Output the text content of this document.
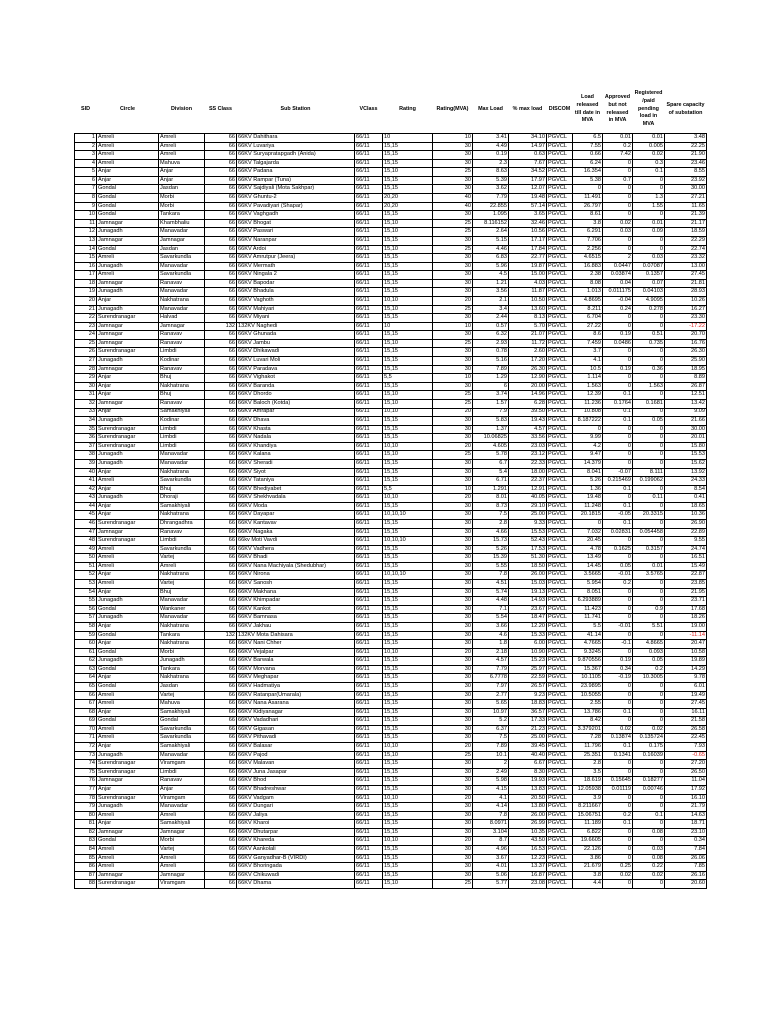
SID	Circle	Division	SS Class	Sub Station	VClass	Rating	Rating(MVA)	Max Load	% max load	DISCOM	Load released till date in MVA	Approved but not released in MVA	Registered /paid pending load in MVA	Spare capacity of substation
1	Amreli	Amreli	66	66KV Dahithara	66/11	10	10	3.41	34.10	PGVCL	6.5	0.01	0.01	3.48
2	Amreli	Amreli	66	66KV Luvariya	66/11	15,15	30	4.49	14.97	PGVCL	7.55	0.2	0.005	22.25
3	Amreli	Amreli	66	66KV Suryapratapgadh (Anida)	66/11	15,15	30	0.19	0.63	PGVCL	0.66	7.42	0.02	21.90
4	Amreli	Mahuva	66	66KV Talgajarda	66/11	15,15	30	2.3	7.67	PGVCL	6.24	0	0.3	23.46
5	Anjar	Anjar	66	66KV Padana	66/11	15,10	25	8.63	34.52	PGVCL	16.354	0	0.1	8.55
6	Anjar	Anjar	66	66KV Rampar (Tuna)	66/11	15,15	30	5.39	17.97	PGVCL	5.38	0.7	0	23.92
7	Gondal	Jasdan	66	66KV Sajdiyali (Mota Sakhpar)	66/11	15,15	30	3.62	12.07	PGVCL	0	0	0	30.00
8	Gondal	Morbi	66	66KV Ghuntu-2	66/11	20,20	40	7.79	19.48	PGVCL	11.491	0	1.3	27.21
9	Gondal	Morbi	66	66KV Pavadiyari (Shapar)	66/11	20,20	40	22.855	57.14	PGVCL	26.797	0	1.55	11.65
10	Gondal	Tankara	66	66KV Vaghgadh	66/11	15,15	30	1.095	3.65	PGVCL	8.61	0	0	21.39
11	Jamnagar	Khambhaliu	66	66KV Bhogat	66/11	15,10	25	8.116152	32.46	PGVCL	3.8	0.02	0.01	21.17
12	Junagadh	Manavadar	66	66KV Paswari	66/11	15,10	25	2.64	10.56	PGVCL	6.291	0.03	0.09	18.59
13	Jamnagar	Jamnagar	66	66KV Naranpar	66/11	15,15	30	5.15	17.17	PGVCL	7.706	0	0	22.29
14	Gondal	Jasdan	66	66KV Ardoi	66/11	15,10	25	4.46	17.84	PGVCL	2.256	0	0	22.74
15	Amreli	Savarkundla	66	66KV Amrutpur (Jeera)	66/11	15,15	30	6.83	22.77	PGVCL	4.6515	2	0.03	23.32
16	Junagadh	Manavadar	66	66KV Mermath	66/11	15,15	30	5.96	19.87	PGVCL	16.883	0.0447	0.07087	13.00
17	Amreli	Savarkundla	66	66KV Ningala 2	66/11	15,15	30	4.5	15.00	PGVCL	2.38	0.03874	0.1357	27.45
18	Jamnagar	Ranavav	66	66KV Bapodar	66/11	15,15	30	1.21	4.03	PGVCL	8.08	0.04	0.07	21.81
19	Junagadh	Manavadar	66	66KV Bhadula	66/11	15,15	30	3.56	11.87	PGVCL	1.013	0.011175	0.04103	28.93
20	Anjar	Nakhatrana	66	66KV Vaghoth	66/11	10,10	20	2.1	10.50	PGVCL	4.8695	-0.04	4.9095	10.26
21	Junagadh	Manavadar	66	66KV Mahiyari	66/11	15,10	25	3.4	13.60	PGVCL	8.211	0.24	0.278	16.27
22	Surendranagar	Halvad	66	66KV Miyani	66/11	15,15	30	2.44	8.13	PGVCL	6.704	0	0	23.30
23	Jamnagar	Jamnagar	132	132KV Naghedi	66/11	10	10	0.57	5.70	PGVCL	27.22	0	0	-17.22
24	Jamnagar	Ranavav	66	66KV Ghunada	66/11	15,15	30	6.32	21.07	PGVCL	8.6	0.19	0.51	20.70
25	Jamnagar	Ranavav	66	66KV Jambu	66/11	15,10	25	2.93	11.72	PGVCL	7.459	0.0486	0.735	16.76
26	Surendranagar	Limbdi	66	66KV Dhikawadi	66/11	15,15	30	0.78	2.60	PGVCL	3.7	0	0	26.30
27	Junagadh	Kodinar	66	66KV Luvari Moli	66/11	15,15	30	5.16	17.20	PGVCL	4.1	0	0	25.90
28	Jamnagar	Ranavav	66	66KV Paradava	66/11	15,15	30	7.89	26.30	PGVCL	10.5	0.19	0.36	18.95
29	Anjar	Bhuj	66	66KV Vighakot	66/11	5,5	10	1.29	12.90	PGVCL	1.114	0	0	8.89
30	Anjar	Nakhatrana	66	66KV Baranda	66/11	15,15	30	6	20.00	PGVCL	1.563	0	1.563	26.87
31	Anjar	Bhuj	66	66KV Dhordo	66/11	15,10	25	3.74	14.96	PGVCL	12.39	0.1	0	12.51
32	Jamnagar	Ranavav	66	66KV Baloch (Kotda)	66/11	15,10	25	1.57	6.28	PGVCL	11.236	0.1764	0.1681	13.42
33	Anjar	Samakhiyali	66	66KV Amrapar	66/11	10,10	20	7.9	39.50	PGVCL	10.808	0.1	0	9.09
34	Junagadh	Kodinar	66	66KV Dhava	66/11	15,15	30	5.83	19.43	PGVCL	8.187222	0.1	0.05	21.66
35	Surendranagar	Limbdi	66	66KV Khasta	66/11	15,15	30	1.37	4.57	PGVCL	0	0	0	30.00
36	Surendranagar	Limbdi	66	66KV Nadala	66/11	15,15	30	10.06825	33.56	PGVCL	9.99	0	0	20.01
37	Surendranagar	Limbdi	66	66KV Khandiya	66/11	10,10	20	4.605	23.03	PGVCL	4.2	0	0	15.80
38	Junagadh	Manavadar	66	66KV Kalana	66/11	15,10	25	5.78	23.12	PGVCL	9.47	0	0	15.53
39	Junagadh	Manavadar	66	66KV Sheradi	66/11	15,15	30	6.7	22.33	PGVCL	14.379	0	0	15.62
40	Anjar	Nakhatrana	66	66KV Siyot	66/11	15,15	30	5.4	18.00	PGVCL	8.041	-0.07	8.111	13.92
41	Amreli	Savarkundla	66	66KV Tataniya	66/11	15,15	30	6.71	22.37	PGVCL	5.26	0.215469	0.199062	24.33
42	Anjar	Bhuj	66	66KV Bhediyabet	66/11	5,5	10	1.291	12.91	PGVCL	1.36	0.1	0	8.54
43	Junagadh	Dhoraji	66	66KV Shekhvadala	66/11	10,10	20	8.01	40.05	PGVCL	19.48	0	0.11	0.41
44	Anjar	Samakhiyali	66	66KV Moda	66/11	15,15	30	8.73	29.10	PGVCL	11.248	0.1	0	18.65
45	Anjar	Nakhatrana	66	66KV Dayapar	66/11	10,10,10	30	7.5	25.00	PGVCL	20.1815	-0.05	20.3315	10.36
46	Surendranagar	Dhrangadhra	66	66KV Kantavav	66/11	15,15	30	2.8	9.33	PGVCL	0	0.1	0	26.90
47	Jamnagar	Ranavav	66	66KV Nagaka	66/11	15,15	30	4.66	15.53	PGVCL	7.032	0.02831	0.054458	22.89
48	Surendranagar	Limbdi	66	66kv Moti Vavdi	66/11	10,10,10	30	15.73	52.43	PGVCL	20.45	0	0	9.55
49	Amreli	Savarkundla	66	66KV Vadhera	66/11	15,15	30	5.26	17.53	PGVCL	4.78	0.1625	0.3157	24.74
50	Amreli	Vartej	66	66KV Bhadi	66/11	15,15	30	15.39	51.30	PGVCL	13.49	0	0	16.51
51	Amreli	Amreli	66	66KV Nana Machiyala (Shedubhar)	66/11	15,15	30	5.55	18.50	PGVCL	14.45	0.05	0.01	15.49
52	Anjar	Nakhatrana	66	66KV Nirona	66/11	10,10,10	30	7.8	26.00	PGVCL	3.5665	-0.01	3.5765	22.87
53	Amreli	Vartej	66	66KV Sanosh	66/11	15,15	30	4.51	15.03	PGVCL	5.954	0.2	0	23.85
54	Anjar	Bhuj	66	66KV Makhana	66/11	15,15	30	5.74	19.13	PGVCL	8.051	0	0	21.95
55	Junagadh	Manavadar	66	66KV Khimpadar	66/11	15,15	30	4.48	14.93	PGVCL	6.293889	0	0	23.71
56	Gondal	Wankaner	66	66KV Kankot	66/11	15,15	30	7.1	23.67	PGVCL	11.423	0	0.9	17.68
57	Junagadh	Manavadar	66	66KV Bamnasa	66/11	15,15	30	5.54	18.47	PGVCL	11.741	0	0	18.26
58	Anjar	Nakhatrana	66	66KV Jakhau	66/11	15,15	30	3.66	12.20	PGVCL	5.5	-0.01	5.51	19.00
59	Gondal	Tankara	132	132KV Mota Dahisara	66/11	15,15	30	4.6	15.33	PGVCL	41.14	0	0	-11.14
60	Anjar	Nakhatrana	66	66KV Nani Chher	66/11	15,15	30	1.8	6.00	PGVCL	4.7665	-0.1	4.8665	20.47
61	Gondal	Morbi	66	66KV Vejalpar	66/11	10,10	20	2.18	10.90	PGVCL	9.3245	0	0.093	10.58
62	Junagadh	Junagadh	66	66KV Barwala	66/11	15,15	30	4.57	15.23	PGVCL	9.870556	0.19	0.05	19.89
63	Gondal	Tankara	66	66KV Morvana	66/11	15,15	30	7.79	25.97	PGVCL	15.367	0.34	0.2	14.29
64	Anjar	Nakhatrana	66	66KV Meghapar	66/11	15,15	30	6.7778	22.59	PGVCL	10.1105	-0.19	10.3005	9.78
65	Gondal	Jasdan	66	66KV Hadmatiya	66/11	15,15	30	7.97	26.57	PGVCL	23.9895	0	0	6.01
66	Amreli	Vartej	66	66KV Ratanpar(Umarala)	66/11	15,15	30	2.77	9.23	PGVCL	10.5055	0	0	19.49
67	Amreli	Mahuva	66	66KV Nana Asarana	66/11	15,15	30	5.65	18.83	PGVCL	2.55	0	0	27.45
68	Anjar	Samakhiyali	66	66KV Kidiyanagar	66/11	15,15	30	10.97	36.57	PGVCL	13.786	0.1	0	16.11
69	Gondal	Gondal	66	66KV Vadadhari	66/11	15,15	30	5.2	17.33	PGVCL	8.42	0	0	21.58
70	Amreli	Savarkundla	66	66KV Gigasan	66/11	15,15	30	6.37	21.23	PGVCL	3.379201	0.02	0.02	26.58
71	Amreli	Savarkundla	66	66KV Pithavadi	66/11	15,15	30	7.5	25.00	PGVCL	7.28	0.13874	0.135724	22.45
72	Anjar	Samakhiyali	66	66KV Balasar	66/11	10,10	20	7.89	39.45	PGVCL	11.796	0.1	0.175	7.93
73	Junagadh	Manavadar	66	66KV Pajod	66/11	15,10	25	10.1	40.40	PGVCL	25.351	0.1341	0.16039	-0.65
74	Surendranagar	Viramgam	66	66KV Malavan	66/11	15,15	30	2	6.67	PGVCL	2.8	0	0	27.20
75	Surendranagar	Limbdi	66	66KV Juna Jasapar	66/11	15,15	30	2.49	8.30	PGVCL	3.5	0	0	26.50
76	Jamnagar	Ranavav	66	66KV Bhod	66/11	15,15	30	5.98	19.93	PGVCL	18.619	0.15645	0.18277	11.04
77	Anjar	Anjar	66	66KV Bhadreshwar	66/11	15,15	30	4.15	13.83	PGVCL	12.05938	0.01119	0.00746	17.92
78	Surendranagar	Viramgam	66	66KV Vadgam	66/11	10,10	20	4.1	20.50	PGVCL	3.9	0	0	16.10
79	Junagadh	Manavadar	66	66KV Dungari	66/11	15,15	30	4.14	13.80	PGVCL	8.211667	0	0	21.79
80	Amreli	Amreli	66	66KV Jaliya	66/11	15,15	30	7.8	26.00	PGVCL	15.06751	0.2	0.1	14.63
81	Anjar	Samakhiyali	66	66KV Kharoi	66/11	15,15	30	8.0971	26.99	PGVCL	11.189	0.1	0	18.71
82	Jamnagar	Jamnagar	66	66KV Dhutarpar	66/11	15,15	30	3.104	10.35	PGVCL	6.822	0	0.08	23.10
83	Gondal	Morbi	66	66KV Khareda	66/11	10,10	20	8.7	43.50	PGVCL	19.6605	0	0	0.34
84	Amreli	Vartej	66	66KV Aankolali	66/11	15,15	30	4.96	16.53	PGVCL	22.126	0	0.03	7.84
85	Amreli	Amreli	66	66KV Ganyadhar-B (VIRDI)	66/11	15,15	30	3.67	12.23	PGVCL	3.86	0	0.08	26.06
86	Amreli	Amreli	66	66KV Bhoringada	66/11	15,15	30	4.01	13.37	PGVCL	21.679	0.25	0.22	7.85
87	Jamnagar	Jamnagar	66	66KV Chikuwadi	66/11	15,15	30	5.06	16.87	PGVCL	3.8	0.02	0.02	26.16
88	Surendranagar	Viramgam	66	66KV Dhama	66/11	15,10	25	5.77	23.08	PGVCL	4.4	0	0	20.60
